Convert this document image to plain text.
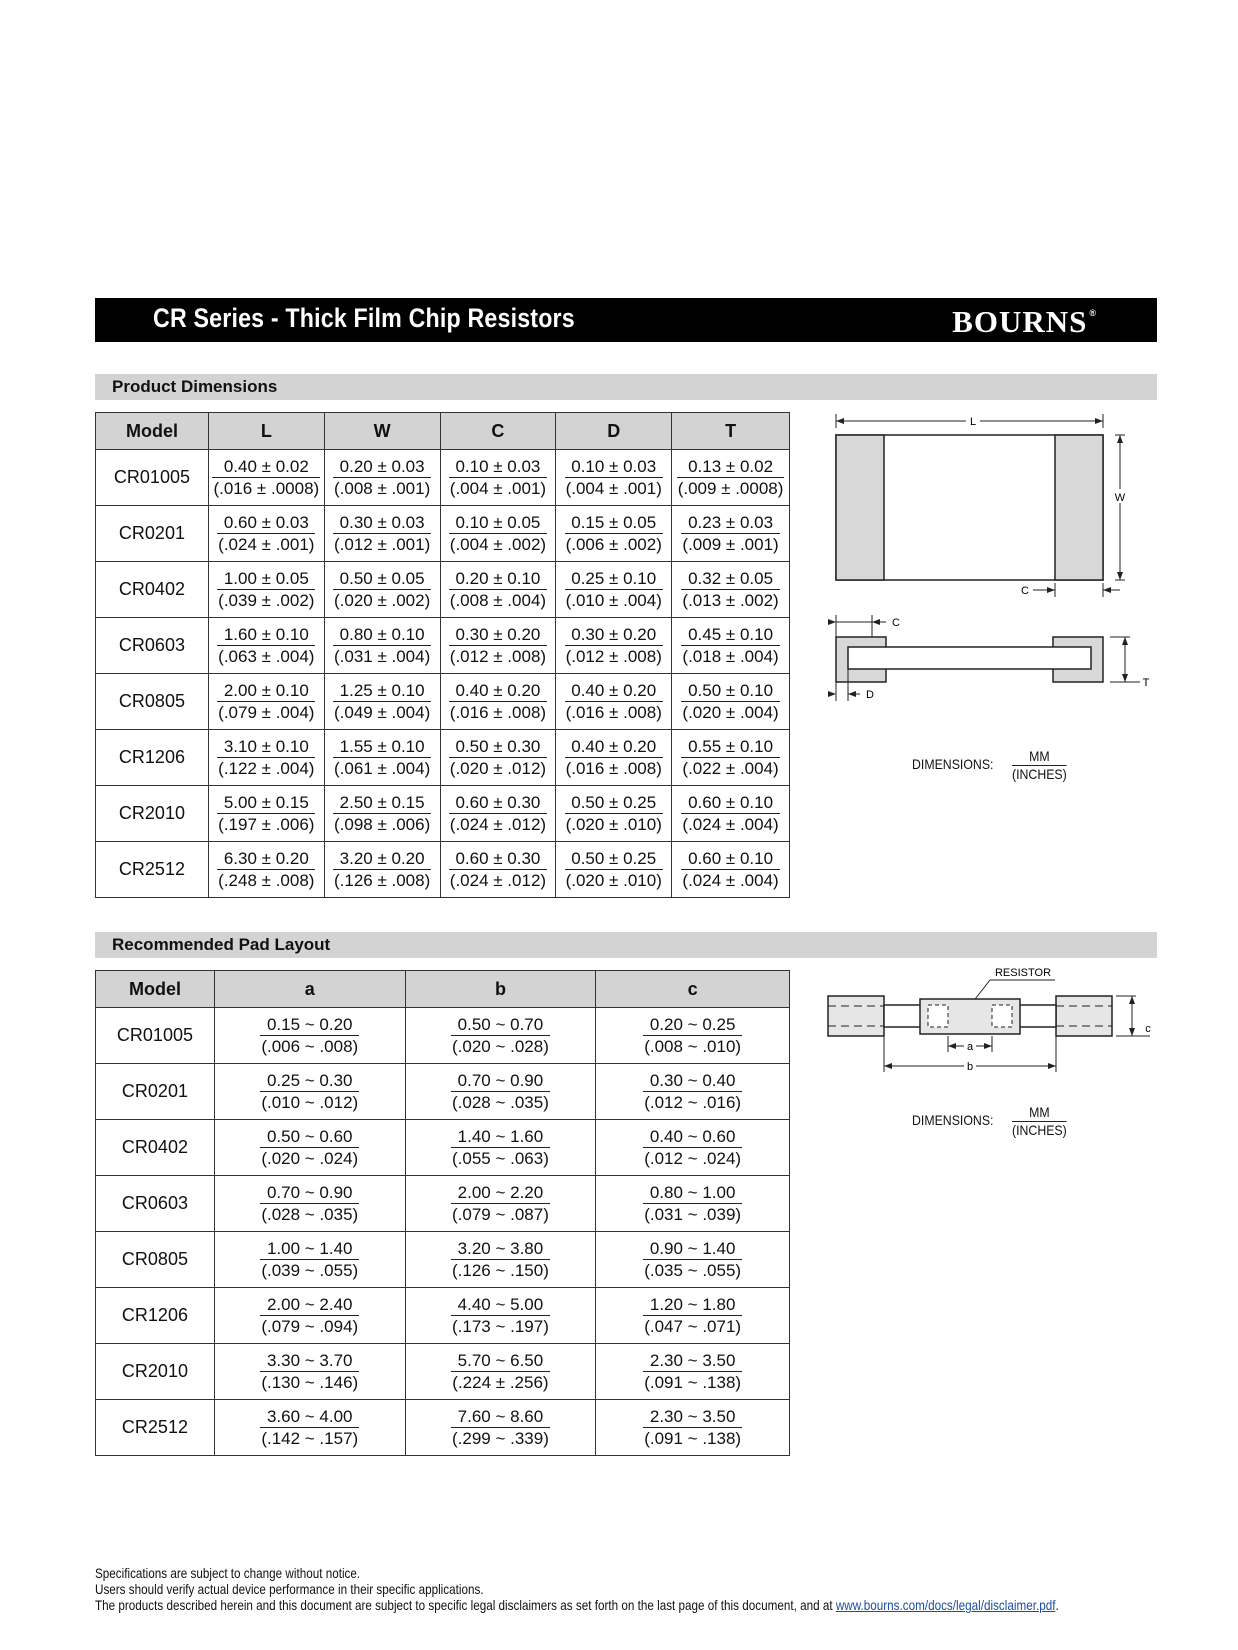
CR Series - Thick Film Chip Resistors	BOURNS ®
Product Dimensions
Model	L	W	C	D	T
CR01005	$\frac{0.40 \pm 0.02}{(.016 \pm .0008)}$	$\frac{0.20 \pm 0.03}{(.008 \pm .001)}$	$\frac{0.10 \pm 0.03}{(.004 \pm .001)}$	$\frac{0.10 \pm 0.03}{(.004 \pm .001)}$	$\frac{0.13 \pm 0.02}{(.009 \pm .0008)}$

CR0201	$\frac{0.60 \pm 0.03}{(.024 \pm .001)}$	$\frac{0.30 \pm 0.03}{(.012 \pm .001)}$	$\frac{0.10 \pm 0.05}{(.004 \pm .002)}$	$\frac{0.15 \pm 0.05}{(.006 \pm .002)}$	$\frac{0.23 \pm 0.03}{(.009 \pm .001)}$

CR0402	$\frac{1.00 \pm 0.05}{(.039 \pm .002)}$	$\frac{0.50 \pm 0.05}{(.020 \pm .002)}$	$\frac{0.20 \pm 0.10}{(.008 \pm .004)}$	$\frac{0.25 \pm 0.10}{(.010 \pm .004)}$	$\frac{0.32 \pm 0.05}{(.013 \pm .002)}$

CR0603	$\frac{1.60 \pm 0.10}{(.063 \pm .004)}$	$\frac{0.80 \pm 0.10}{(.031 \pm .004)}$	$\frac{0.30 \pm 0.20}{(.012 \pm .008)}$	$\frac{0.30 \pm 0.20}{(.012 \pm .008)}$	$\frac{0.45 \pm 0.10}{(.018 \pm .004)}$

CR0805	$\frac{2.00 \pm 0.10}{(.079 \pm .004)}$	$\frac{1.25 \pm 0.10}{(.049 \pm .004)}$	$\frac{0.40 \pm 0.20}{(.016 \pm .008)}$	$\frac{0.40 \pm 0.20}{(.016 \pm .008)}$	$\frac{0.50 \pm 0.10}{(.020 \pm .004)}$

CR1206	$\frac{3.10 \pm 0.10}{(.122 \pm .004)}$	$\frac{1.55 \pm 0.10}{(.061 \pm .004)}$	$\frac{0.50 \pm 0.30}{(.020 \pm .012)}$	$\frac{0.40 \pm 0.20}{(.016 \pm .008)}$	$\frac{0.55 \pm 0.10}{(.022 \pm .004)}$

CR2010	$\frac{5.00 \pm 0.15}{(.197 \pm .006)}$	$\frac{2.50 \pm 0.15}{(.098 \pm .006)}$	$\frac{0.60 \pm 0.30}{(.024 \pm .012)}$	$\frac{0.50 \pm 0.25}{(.020 \pm .010)}$	$\frac{0.60 \pm 0.10}{(.024 \pm .004)}$

CR2512	$\frac{6.30 \pm 0.20}{(.248 \pm .008)}$	$\frac{3.20 \pm 0.20}{(.126 \pm .008)}$	$\frac{0.60 \pm 0.30}{(.024 \pm .012)}$	$\frac{0.50 \pm 0.25}{(.020 \pm .010)}$	$\frac{0.60 \pm 0.10}{(.024 \pm .004)}$
L
W
C
C
D
T
DIMENSIONS:	MM
(INCHES)
Recommended Pad Layout
Model	a	b	c
CR01005	$\frac{0.15 \sim 0.20}{(.006 \sim .008)}$	$\frac{0.50 \sim 0.70}{(.020 \sim .028)}$	$\frac{0.20 \sim 0.25}{(.008 \sim .010)}$

CR0201	$\frac{0.25 \sim 0.30}{(.010 \sim .012)}$	$\frac{0.70 \sim 0.90}{(.028 \sim .035)}$	$\frac{0.30 \sim 0.40}{(.012 \sim .016)}$

CR0402	$\frac{0.50 \sim 0.60}{(.020 \sim .024)}$	$\frac{1.40 \sim 1.60}{(.055 \sim .063)}$	$\frac{0.40 \sim 0.60}{(.012 \sim .024)}$

CR0603	$\frac{0.70 \sim 0.90}{(.028 \sim .035)}$	$\frac{2.00 \sim 2.20}{(.079 \sim .087)}$	$\frac{0.80 \sim 1.00}{(.031 \sim .039)}$

CR0805	$\frac{1.00 \sim 1.40}{(.039 \sim .055)}$	$\frac{3.20 \sim 3.80}{(.126 \sim .150)}$	$\frac{0.90 \sim 1.40}{(.035 \sim .055)}$

CR1206	$\frac{2.00 \sim 2.40}{(.079 \sim .094)}$	$\frac{4.40 \sim 5.00}{(.173 \sim .197)}$	$\frac{1.20 \sim 1.80}{(.047 \sim .071)}$

CR2010	$\frac{3.30 \sim 3.70}{(.130 \sim .146)}$	$\frac{5.70 \sim 6.50}{(.224 \pm .256)}$	$\frac{2.30 \sim 3.50}{(.091 \sim .138)}$

CR2512	$\frac{3.60 \sim 4.00}{(.142 \sim .157)}$	$\frac{7.60 \sim 8.60}{(.299 \sim .339)}$	$\frac{2.30 \sim 3.50}{(.091 \sim .138)}$
RESISTOR
a
b
c
DIMENSIONS:	MM
(INCHES)
Specifications are subject to change without notice.
Users should verify actual device performance in their specific applications.
The products described herein and this document are subject to specific legal disclaimers as set forth on the last page of this document, and at www.bourns.com/docs/legal/disclaimer.pdf.
